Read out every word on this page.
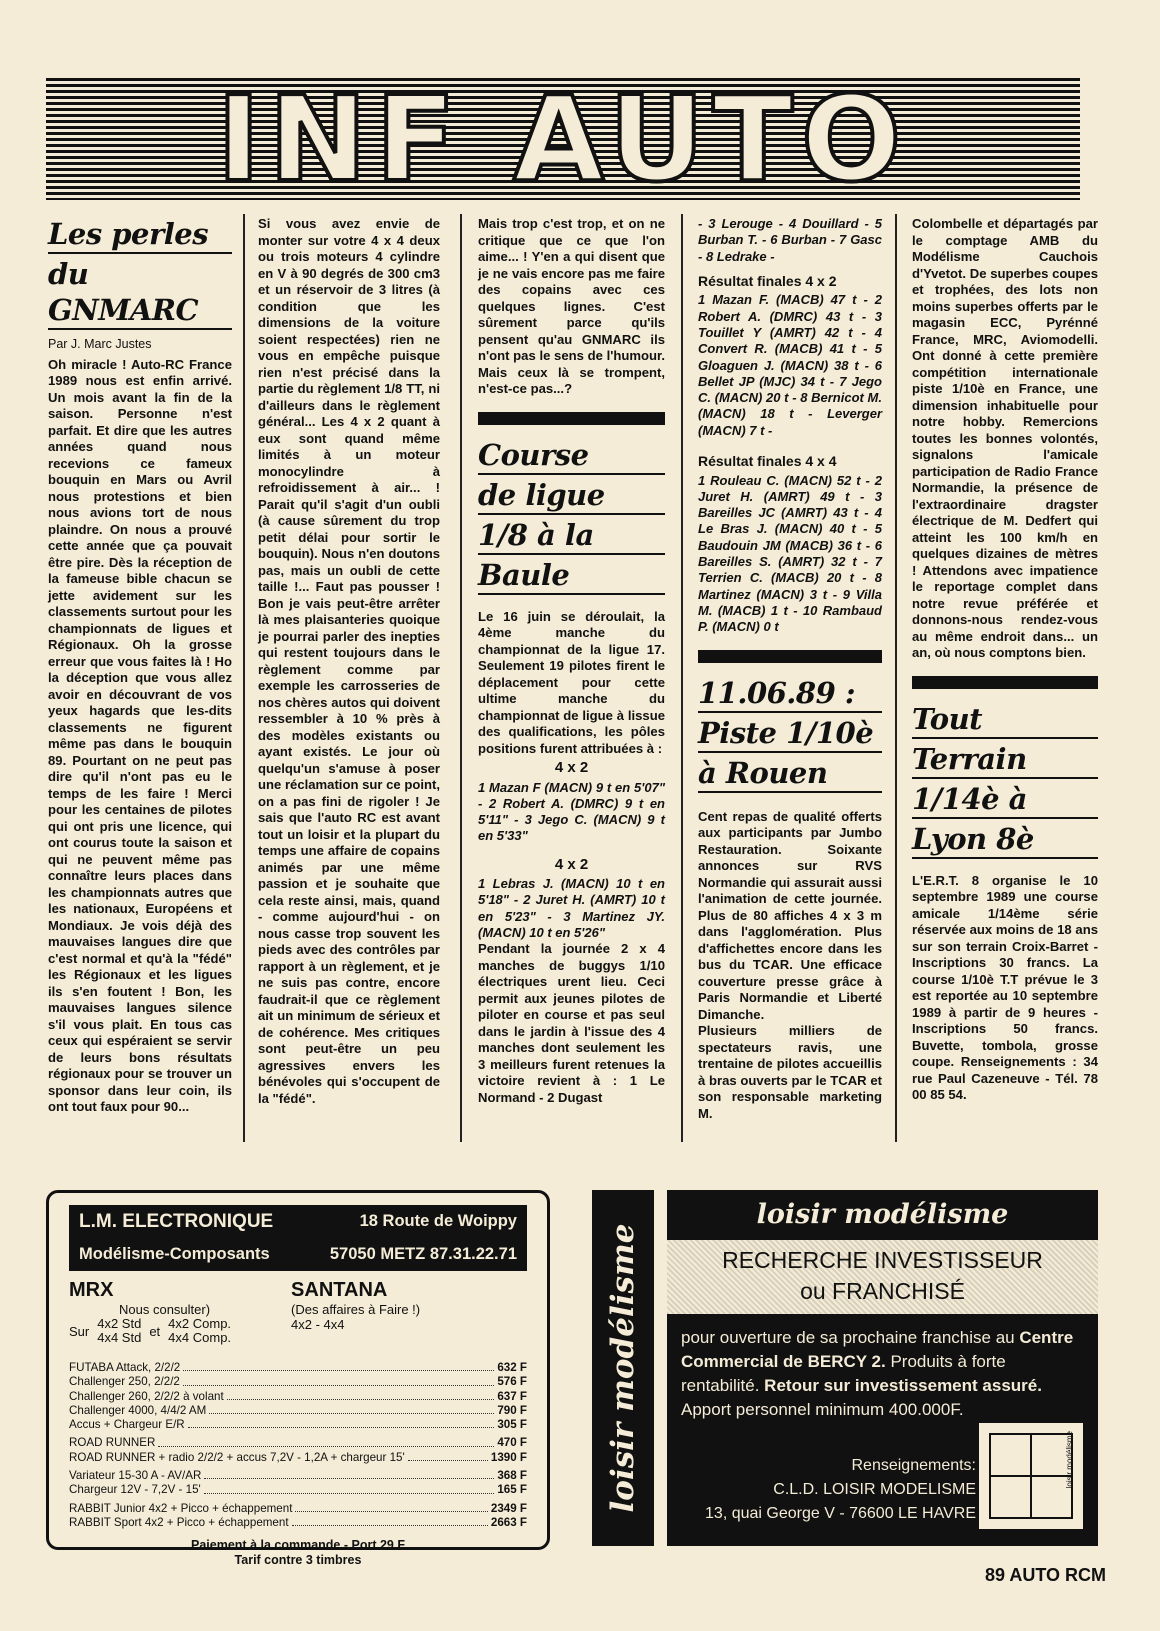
INF AUTO
Les perles
du GNMARC
Par J. Marc Justes

Oh miracle ! Auto-RC France 1989 nous est enfin arrivé. Un mois avant la fin de la saison. Personne n'est parfait. Et dire que les autres années quand nous recevions ce fameux bouquin en Mars ou Avril nous protestions et bien nous avions tort de nous plaindre. On nous a prouvé cette année que ça pouvait être pire. Dès la réception de la fameuse bible chacun se jette avidement sur les classements surtout pour les championnats de ligues et Régionaux. Oh la grosse erreur que vous faites là ! Ho la déception que vous allez avoir en découvrant de vos yeux hagards que les-dits classements ne figurent même pas dans le bouquin 89. Pourtant on ne peut pas dire qu'il n'ont pas eu le temps de les faire ! Merci pour les centaines de pilotes qui ont pris une licence, qui ont courus toute la saison et qui ne peuvent même pas connaître leurs places dans les championnats autres que les nationaux, Européens et Mondiaux. Je vois déjà des mauvaises langues dire que c'est normal et qu'à la "fédé" les Régionaux et les ligues ils s'en foutent ! Bon, les mauvaises langues silence s'il vous plait. En tous cas ceux qui espéraient se servir de leurs bons résultats régionaux pour se trouver un sponsor dans leur coin, ils ont tout faux pour 90...

Si vous avez envie de monter sur votre 4 x 4 deux ou trois moteurs 4 cylindre en V à 90 degrés de 300 cm3 et un réservoir de 3 litres (à condition que les dimensions de la voiture soient respectées) rien ne vous en empêche puisque rien n'est précisé dans la partie du règlement 1/8 TT, ni d'ailleurs dans le règlement général... Les 4 x 2 quant à eux sont quand même limités à un moteur monocylindre à refroidissement à air... ! Parait qu'il s'agit d'un oubli (à cause sûrement du trop petit délai pour sortir le bouquin). Nous n'en doutons pas, mais un oubli de cette taille !... Faut pas pousser ! Bon je vais peut-être arrêter là mes plaisanteries quoique je pourrai parler des inepties qui restent toujours dans le règlement comme par exemple les carrosseries de nos chères autos qui doivent ressembler à 10 % près à des modèles existants ou ayant existés. Le jour où quelqu'un s'amuse à poser une réclamation sur ce point, on a pas fini de rigoler ! Je sais que l'auto RC est avant tout un loisir et la plupart du temps une affaire de copains animés par une même passion et je souhaite que cela reste ainsi, mais, quand - comme aujourd'hui - on nous casse trop souvent les pieds avec des contrôles par rapport à un règlement, et je ne suis pas contre, encore faudrait-il que ce règlement ait un minimum de sérieux et de cohérence. Mes critiques sont peut-être un peu agressives envers les bénévoles qui s'occupent de la "fédé".

Mais trop c'est trop, et on ne critique que ce que l'on aime... ! Y'en a qui disent que je ne vais encore pas me faire des copains avec ces quelques lignes. C'est sûrement parce qu'ils pensent qu'au GNMARC ils n'ont pas le sens de l'humour. Mais ceux là se trompent, n'est-ce pas...?

Course
de ligue
1/8 à la
Baule

Le 16 juin se déroulait, la 4ème manche du championnat de la ligue 17. Seulement 19 pilotes firent le déplacement pour cette ultime manche du championnat de ligue à lissue des qualifications, les pôles positions furent attribuées à :

4 x 2

1 Mazan F (MACN) 9 t en 5'07" - 2 Robert A. (DMRC) 9 t en 5'11" - 3 Jego C. (MACN) 9 t en 5'33"

4 x 2

1 Lebras J. (MACN) 10 t en 5'18" - 2 Juret H. (AMRT) 10 t en 5'23" - 3 Martinez JY. (MACN) 10 t en 5'26"

Pendant la journée 2 x 4 manches de buggys 1/10 électriques urent lieu. Ceci permit aux jeunes pilotes de piloter en course et pas seul dans le jardin à l'issue des 4 manches dont seulement les 3 meilleurs furent retenues la victoire revient à : 1 Le Normand - 2 Dugast

- 3 Lerouge - 4 Douillard - 5 Burban T. - 6 Burban - 7 Gasc - 8 Ledrake -

Résultat finales 4 x 2

1 Mazan F. (MACB) 47 t - 2 Robert A. (DMRC) 43 t - 3 Touillet Y (AMRT) 42 t - 4 Convert R. (MACB) 41 t - 5 Gloaguen J. (MACN) 38 t - 6 Bellet JP (MJC) 34 t - 7 Jego C. (MACN) 20 t - 8 Bernicot M. (MACN) 18 t - Leverger (MACN) 7 t -

Résultat finales 4 x 4

1 Rouleau C. (MACN) 52 t - 2 Juret H. (AMRT) 49 t - 3 Bareilles JC (AMRT) 43 t - 4 Le Bras J. (MACN) 40 t - 5 Baudouin JM (MACB) 36 t - 6 Bareilles S. (AMRT) 32 t - 7 Terrien C. (MACB) 20 t - 8 Martinez (MACN) 3 t - 9 Villa M. (MACB) 1 t - 10 Rambaud P. (MACN) 0 t

11.06.89 :
Piste 1/10è
à Rouen

Cent repas de qualité offerts aux participants par Jumbo Restauration. Soixante annonces sur RVS Normandie qui assurait aussi l'animation de cette journée. Plus de 80 affiches 4 x 3 m dans l'agglomération. Plus d'affichettes encore dans les bus du TCAR. Une efficace couverture presse grâce à Paris Normandie et Liberté Dimanche.

Plusieurs milliers de spectateurs ravis, une trentaine de pilotes accueillis à bras ouverts par le TCAR et son responsable marketing M.

Colombelle et départagés par le comptage AMB du Modélisme Cauchois d'Yvetot. De superbes coupes et trophées, des lots non moins superbes offerts par le magasin ECC, Pyrénné France, MRC, Aviomodelli. Ont donné à cette première compétition internationale piste 1/10è en France, une dimension inhabituelle pour notre hobby. Remercions toutes les bonnes volontés, signalons l'amicale participation de Radio France Normandie, la présence de l'extraordinaire dragster électrique de M. Dedfert qui atteint les 100 km/h en quelques dizaines de mètres ! Attendons avec impatience le reportage complet dans notre revue préférée et donnons-nous rendez-vous au même endroit dans... un an, où nous comptons bien.

Tout
Terrain
1/14è à
Lyon 8è

L'E.R.T. 8 organise le 10 septembre 1989 une course amicale 1/14ème série réservée aux moins de 18 ans sur son terrain Croix-Barret - Inscriptions 30 francs. La course 1/10è T.T prévue le 3 est reportée au 10 septembre 1989 à partir de 9 heures - Inscriptions 50 francs. Buvette, tombola, grosse coupe. Renseignements : 34 rue Paul Cazeneuve - Tél. 78 00 85 54.

L.M. ELECTRONIQUE	18 Route de Woippy
Modélisme-Composants	57050 METZ 87.31.22.71
MRX
Nous consulter)
Sur 4x2 Std
4x4 Std et 4x2 Comp.
4x4 Comp.
SANTANA
(Des affaires à Faire !)
4x2 - 4x4
FUTABA Attack, 2/2/2	632 F
Challenger 250, 2/2/2	576 F
Challenger 260, 2/2/2 à volant	637 F
Challenger 4000, 4/4/2 AM	790 F
Accus + Chargeur E/R	305 F
ROAD RUNNER	470 F
ROAD RUNNER + radio 2/2/2 + accus 7,2V - 1,2A + chargeur 15'	1390 F
Variateur 15-30 A - AV/AR	368 F
Chargeur 12V - 7,2V - 15'	165 F
RABBIT Junior 4x2 + Picco + échappement	2349 F
RABBIT Sport 4x2 + Picco + échappement	2663 F
Paiement à la commande - Port 29 F
Tarif contre 3 timbres
loisir modélisme
loisir modélisme
RECHERCHE INVESTISSEUR
ou FRANCHISÉ
pour ouverture de sa prochaine franchise au Centre Commercial de BERCY 2. Produits à forte rentabilité. Retour sur investissement assuré. Apport personnel minimum 400.000F.
Renseignements:
C.L.D. LOISIR MODELISME
13, quai George V - 76600 LE HAVRE
loisir modélisme
89 AUTO RCM
